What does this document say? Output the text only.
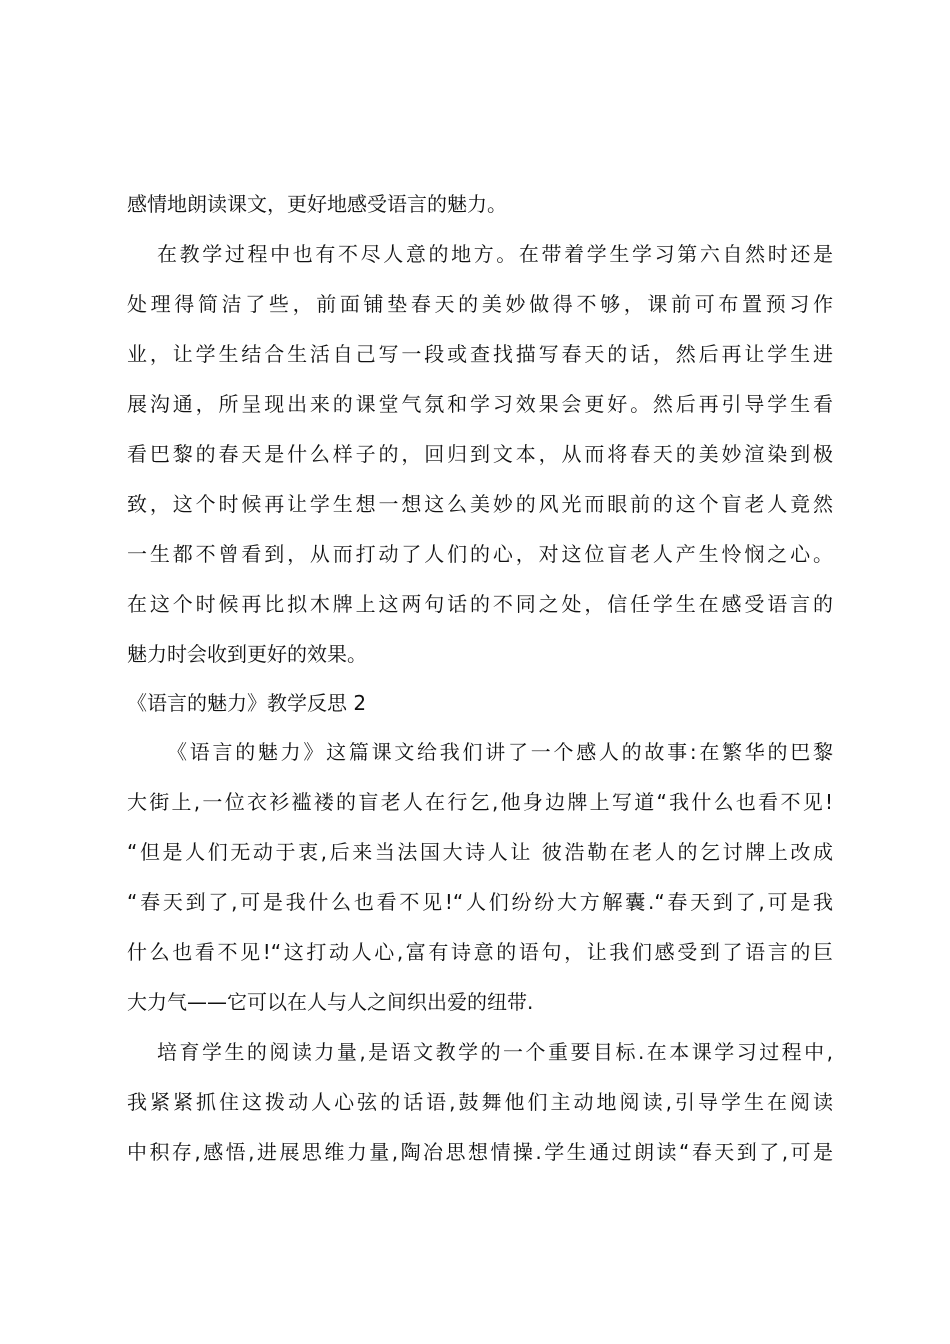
感情地朗读课文，更好地感受语言的魅力。
在教学过程中也有不尽人意的地方。在带着学生学习第六自然时还是
处理得简洁了些，前面铺垫春天的美妙做得不够，课前可布置预习作
业，让学生结合生活自己写一段或查找描写春天的话，然后再让学生进
展沟通，所呈现出来的课堂气氛和学习效果会更好。然后再引导学生看
看巴黎的春天是什么样子的，回归到文本，从而将春天的美妙渲染到极
致，这个时候再让学生想一想这么美妙的风光而眼前的这个盲老人竟然
一生都不曾看到，从而打动了人们的心，对这位盲老人产生怜悯之心。
在这个时候再比拟木牌上这两句话的不同之处，信任学生在感受语言的
魅力时会收到更好的效果。
《语言的魅力》教学反思 2
《语言的魅力》这篇课文给我们讲了一个感人的故事:在繁华的巴黎
大街上,一位衣衫褴褛的盲老人在行乞,他身边牌上写道“我什么也看不见!
“但是人们无动于衷,后来当法国大诗人让 彼浩勒在老人的乞讨牌上改成
“春天到了,可是我什么也看不见!“人们纷纷大方解囊.“春天到了,可是我
什么也看不见!“这打动人心,富有诗意的语句，让我们感受到了语言的巨
大力气——它可以在人与人之间织出爱的纽带.
培育学生的阅读力量,是语文教学的一个重要目标.在本课学习过程中,
我紧紧抓住这拨动人心弦的话语,鼓舞他们主动地阅读,引导学生在阅读
中积存,感悟,进展思维力量,陶冶思想情操.学生通过朗读“春天到了,可是
